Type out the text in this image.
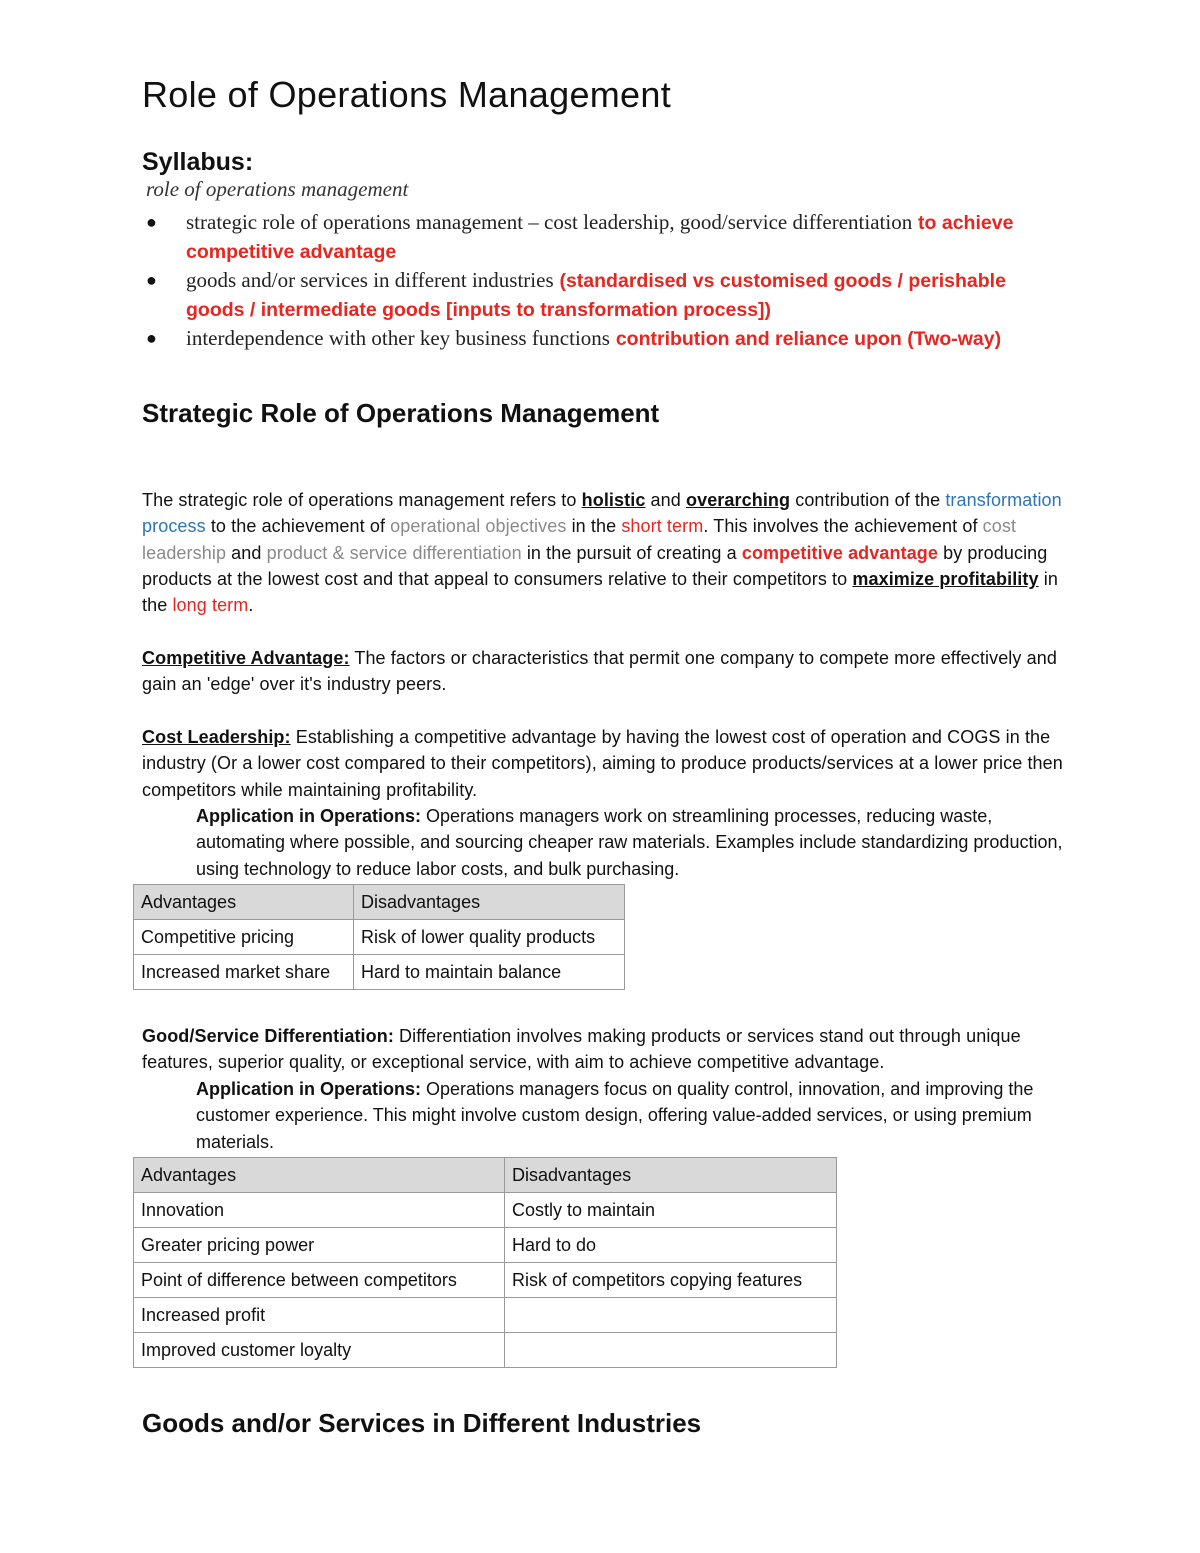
Role of Operations Management
Syllabus:
role of operations management
● strategic role of operations management – cost leadership, good/service differentiation to achieve competitive advantage
● goods and/or services in different industries (standardised vs customised goods / perishable goods / intermediate goods [inputs to transformation process])
● interdependence with other key business functions contribution and reliance upon (Two-way)
Strategic Role of Operations Management

The strategic role of operations management refers to holistic and overarching contribution of the transformation process to the achievement of operational objectives in the short term. This involves the achievement of cost leadership and product & service differentiation in the pursuit of creating a competitive advantage by producing products at the lowest cost and that appeal to consumers relative to their competitors to maximize profitability in the long term.

Competitive Advantage: The factors or characteristics that permit one company to compete more effectively and gain an 'edge' over it's industry peers.

Cost Leadership: Establishing a competitive advantage by having the lowest cost of operation and COGS in the industry (Or a lower cost compared to their competitors), aiming to produce products/services at a lower price then competitors while maintaining profitability.

Application in Operations: Operations managers work on streamlining processes, reducing waste, automating where possible, and sourcing cheaper raw materials. Examples include standardizing production, using technology to reduce labor costs, and bulk purchasing.

Advantages	Disadvantages
Competitive pricing	Risk of lower quality products
Increased market share	Hard to maintain balance

Good/Service Differentiation: Differentiation involves making products or services stand out through unique features, superior quality, or exceptional service, with aim to achieve competitive advantage.

Application in Operations: Operations managers focus on quality control, innovation, and improving the customer experience. This might involve custom design, offering value-added services, or using premium materials.

Advantages	Disadvantages
Innovation	Costly to maintain
Greater pricing power	Hard to do
Point of difference between competitors	Risk of competitors copying features
Increased profit	
Improved customer loyalty	
Goods and/or Services in Different Industries
